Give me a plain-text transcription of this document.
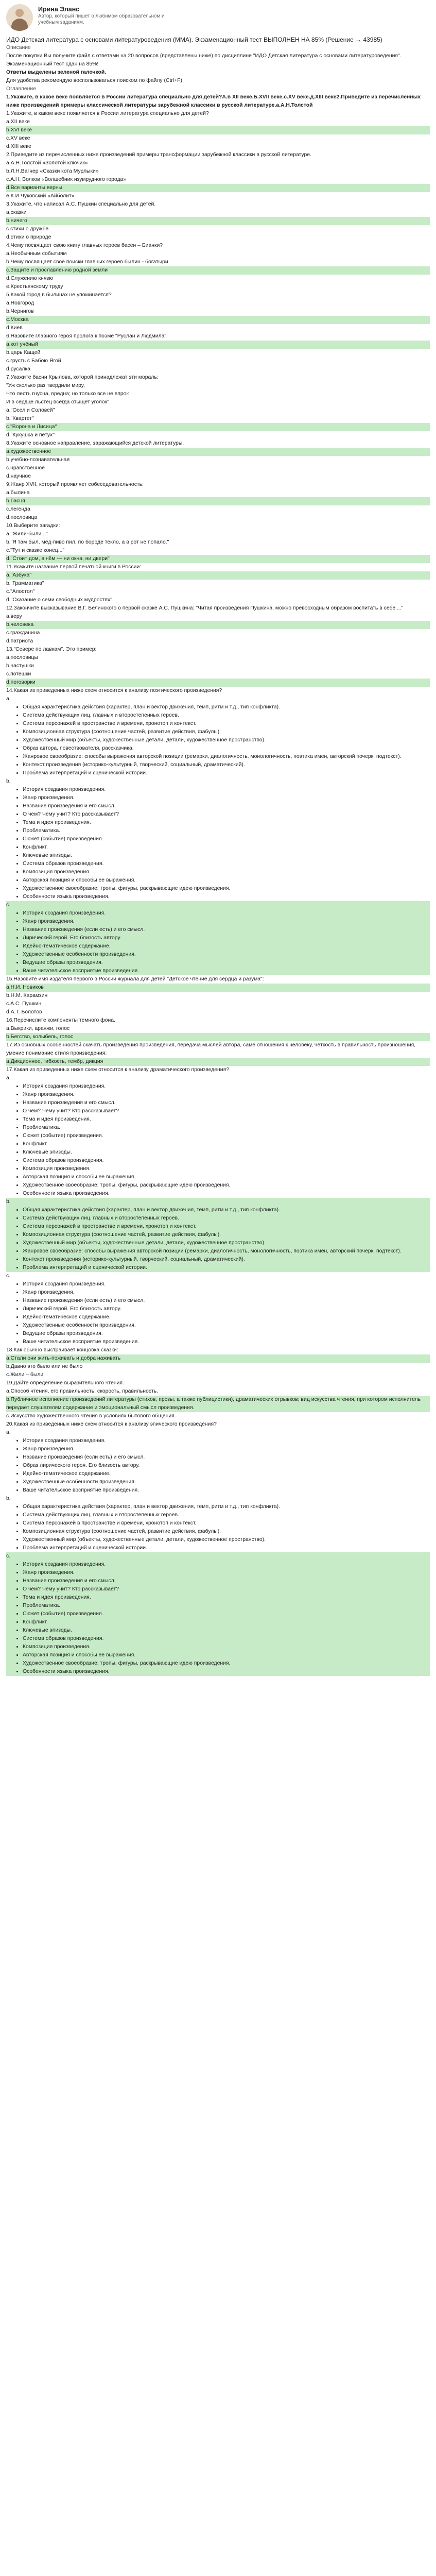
Ирина Эланс
Автор, который пишет о любимом образовательном и учебным заданиям.

ИДО Детская литература с основами литературоведения (ММА). Экзаменационный тест ВЫПОЛНЕН НА 85% (Решение → 43985)

Описание

После покупки Вы получите файл с ответами на 20 вопросов (представлены ниже) по дисциплине "ИДО Детская литература с основами литературоведения". Экзаменационный тест сдан на 85%!

Ответы выделены зеленой галочкой.

Для удобства рекомендую воспользоваться поиском по файлу (Ctrl+F).

Оглавление

1.Укажите, в какое веке появляется в России литература специально для детей?А.в XII веке.Б.XVII веке.с.XV веке.д.XIII веке2.Приведите из перечисленных ниже произведений примеры классической литературы зарубежной классики в русской литературе.а.А.Н.Толстой
1.Укажите, в каком веке появляется в России литература специально для детей?
a.XII веке
b.XVI веке
с.XV веке
d.XIII веке
2.Приведите из перечисленных ниже произведений примеры трансформации зарубежной классики в русской литературе.
а.А.Н.Толстой «Золотой ключик»
b.Л.Н.Вагнер «Сказки кота Мурлыки»
c.А.Н. Волков «Волшебник изумрудного города»
d.Все варианты верны
е.К.И.Чуковский «Айболит»
3.Укажите, что написал А.С. Пушкин специально для детей.
а.сказки
b.ничего
с.стихи о дружбе
d.стихи о природе
4.Чему посвящает свою книгу главных героев басен – Бианки?
а.Необычным событиям
b.Чему посвящает своё поиски главных героев былин - богатыри
с.Защите и прославлению родной земли
d.Служению князю
е.Крестьянскому труду
5.Какой город в былинах не упоминается?
а.Новгород
b.Чернигов
с.Москва
d.Киев
6.Назовите главного героя пролога к поэме "Руслан и Людмила":
а.кот учёный
b.царь Кащей
с.грусть с Бабою Ягой
d.русалка
7.Укажите басни Крылова, которой принадлежат эти мораль:
"Уж сколько раз твердили миру,
Что лесть гнусна, вредна; но только все не впрок
И в сердце льстец всегда отыщет уголок".
а."Осел и Соловей"
b."Квартет"
с."Ворона и Лисица"
d."Кукушка и петух"
8.Укажите основное направление, заражающийся детской литературы.
а.художественное
b.учебно-познавательная
с.нравственное
d.научное
9.Жанр XVII, который проявляет собеседовательность:
а.былина
b.басня
с.легенда
d.пословица
10.Выберите загадки:
а."Жили-были..."
b."Я там был, мёд-пиво пил, по бороде текло, а в рот не попало."
с."Тут и сказке конец..."
d."Стоит дом, в нём — ни окна, ни двери"
11.Укажите название первой печатной книги в России:
а."Азбука"
b."Грамматика"
с."Апостол"
d."Сказание о семи свободных мудростях"
12.Закончите высказывание В.Г. Белинского о первой сказке А.С. Пушкина: "Читая произведения Пушкина, можно превосходным образом воспитать в себе ..."
а.веру
b.человека
с.гражданина
d.патриота
13."Севере по лавкам". Это пример:
а.пословицы
b.частушки
с.потешки
d.поговорки
14.Какая из приведенных ниже схем относится к анализу поэтического произведения?
a.
• Общая характеристика действия (характер, план и вектор движения, темп, ритм и т.д., тип конфликта).
• Система действующих лиц, главных и второстепенных героев.
• Система персонажей в пространстве и времени, хронотоп и контекст.
• Композиционная структура (соотношение частей, развитие действия, фабулы).
• Художественный мир (объекты, художественные детали, детали, художественное пространство).
• Образ автора, повествователя, рассказчика.
• Жанровое своеобразие: способы выражения авторской позиции (ремарки, диалогичность, монологичность, поэтика имен, авторский почерк, подтекст).
• Контекст произведения (историко-культурный, творческий, социальный, драматический).
• Проблема интерпретаций и сценической истории.
b.
• История создания произведения.
• Жанр произведения.
• Название произведения и его смысл.
• О чем? Чему учит? Кто рассказывает?
• Тема и идея произведения.
• Проблематика.
• Сюжет (событие) произведения.
• Конфликт.
• Ключевые эпизоды.
• Система образов произведения.
• Композиция произведения.
• Авторская позиция и способы ее выражения.
• Художественное своеобразие: тропы, фигуры, раскрывающие идею произведения.
• Особенности языка произведения.
c.
• История создания произведения.
• Жанр произведения.
• Название произведения (если есть) и его смысл.
• Лирический герой. Его близость автору.
• Идейно-тематическое содержание.
• Художественные особенности произведения.
• Ведущие образы произведения.
• Ваше читательское восприятие произведения.
15.Назовите имя издателя первого в России журнала для детей "Детское чтение для сердца и разума":
а.Н.И. Новиков
b.Н.М. Карамзин
с.А.С. Пушкин
d.А.Т. Болотов
16.Перечислите компоненты темного фона.
а.Выкрики, аранжи, голос
b.Бегство, колыбель, голос
17.Из основных особенностей скачать произведения произведения, передача мыслей автора, саме отношения к человеку, чёткость в правильность произношения, умение понимание стиля произведения:
а.Дикционное, гибкость, тембр, дикция
17.Какая из приведенных ниже схем относится к анализу драматического произведения?
a.
• История создания произведения.
• Жанр произведения.
• Название произведения и его смысл.
• О чем? Чему учит? Кто рассказывает?
• Тема и идея произведения.
• Проблематика.
• Сюжет (событие) произведения.
• Конфликт.
• Ключевые эпизоды.
• Система образов произведения.
• Композиция произведения.
• Авторская позиция и способы ее выражения.
• Художественное своеобразие: тропы, фигуры, раскрывающие идею произведения.
• Особенности языка произведения.
b.
• Общая характеристика действия (характер, план и вектор движения, темп, ритм и т.д., тип конфликта).
• Система действующих лиц, главных и второстепенных героев.
• Система персонажей в пространстве и времени, хронотоп и контекст.
• Композиционная структура (соотношение частей, развитие действия, фабулы).
• Художественный мир (объекты, художественные детали, детали, художественное пространство).
• Жанровое своеобразие: способы выражения авторской позиции (ремарки, диалогичность, монологичность, поэтика имен, авторский почерк, подтекст).
• Контекст произведения (историко-культурный, творческий, социальный, драматический).
• Проблема интерпретаций и сценической истории.
c.
• История создания произведения.
• Жанр произведения.
• Название произведения (если есть) и его смысл.
• Лирический герой. Его близость автору.
• Идейно-тематическое содержание.
• Художественные особенности произведения.
• Ведущие образы произведения.
• Ваше читательское восприятие произведения.
18.Как обычно выстраивает концовка сказки:
а.Стали они жить-поживать и добра наживать
b.Давно это было или не было
с.Жили – были
19.Дайте определение выразительного чтения.
а.Способ чтения, его правильность, скорость, правильность.
b.Публичное исполнение произведений литературы (стихов, прозы, а также публицистики), драматических отрывков; вид искусства чтения, при котором исполнитель передаёт слушателям содержание и эмоциональный смысл произведения.
c.Искусство художественного чтения в условиях бытового общения.
20.Какая из приведенных ниже схем относится к анализу эпического произведения?
a.
• История создания произведения.
• Жанр произведения.
• Название произведения (если есть) и его смысл.
• Образ лирического героя. Его близость автору.
• Идейно-тематическое содержание.
• Художественные особенности произведения.
• Ваше читательское восприятие произведения.
b.
• Общая характеристика действия (характер, план и вектор движения, темп, ритм и т.д., тип конфликта).
• Система действующих лиц, главных и второстепенных героев.
• Система персонажей в пространстве и времени, хронотоп и контекст.
• Композиционная структура (соотношение частей, развитие действия, фабулы).
• Художественный мир (объекты, художественные детали, детали, художественное пространство).
• Проблема интерпретаций и сценической истории.
c.
• История создания произведения.
• Жанр произведения.
• Название произведения и его смысл.
• О чем? Чему учит? Кто рассказывает?
• Тема и идея произведения.
• Проблематика.
• Сюжет (событие) произведения.
• Конфликт.
• Ключевые эпизоды.
• Система образов произведения.
• Композиция произведения.
• Авторская позиция и способы ее выражения.
• Художественное своеобразие: тропы, фигуры, раскрывающие идею произведения.
• Особенности языка произведения.
